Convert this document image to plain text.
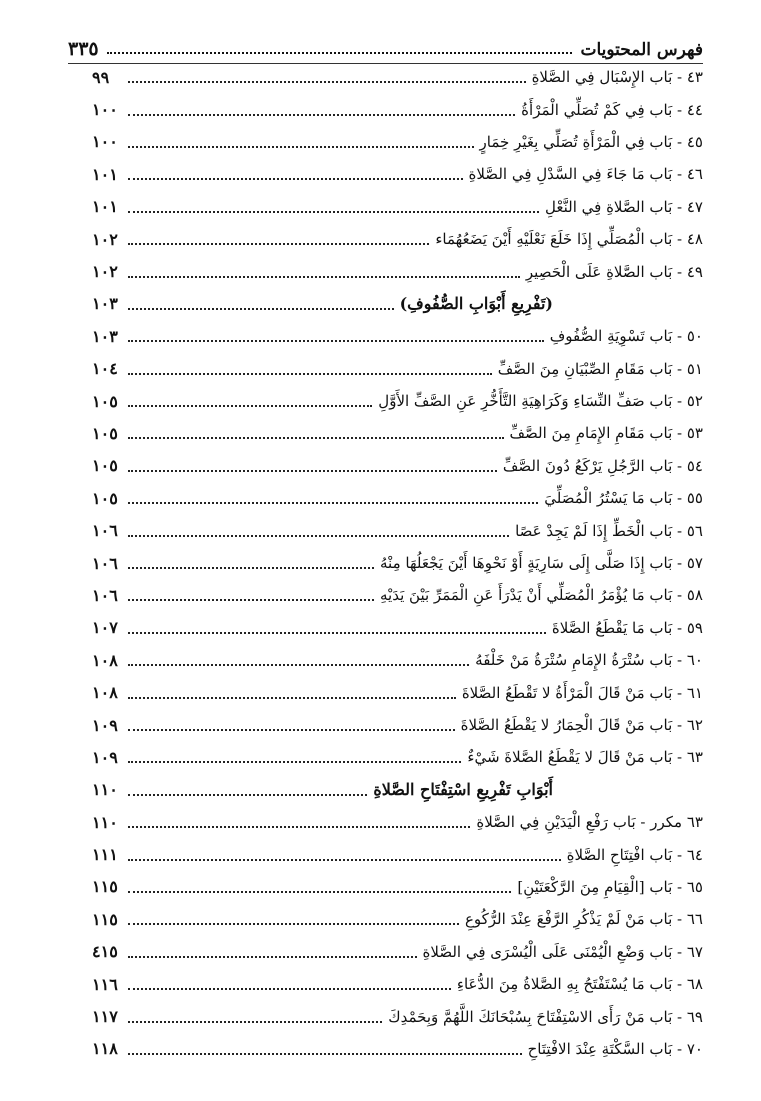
فهرس المحتويات
٣٣٥
٤٣ - بَاب الإِسْبَال فِي الصَّلاةِ
٩٩
٤٤ - بَاب فِي كَمْ تُصَلِّي الْمَرْأَةُ
١٠٠
٤٥ - بَاب فِي الْمَرْأَةِ تُصَلِّي بِغَيْرِ خِمَارٍ
١٠٠
٤٦ - بَاب مَا جَاءَ فِي السَّدْلِ فِي الصَّلاةِ
١٠١
٤٧ - بَاب الصَّلاةِ فِي النَّعْلِ
١٠١
٤٨ - بَاب الْمُصَلِّي إِذَا خَلَعَ نَعْلَيْهِ أَيْنَ يَضَعُهُمَاء
١٠٢
٤٩ - بَاب الصَّلاةِ عَلَى الْحَصِيرِ
١٠٢
(تَفْرِيعِ أَبْوَابِ الصُّفُوفِ)
١٠٣
٥٠ - بَاب تَسْوِيَةِ الصُّفُوفِ
١٠٣
٥١ - بَاب مَقَامِ الصِّبْيَانِ مِنَ الصَّفِّ
١٠٤
٥٢ - بَاب صَفِّ النِّسَاءِ وَكَرَاهِيَةِ التَّأَخُّرِ عَنِ الصَّفِّ الأَوَّلِ
١٠٥
٥٣ - بَاب مَقَامِ الإِمَامِ مِنَ الصَّفِّ
١٠٥
٥٤ - بَاب الرَّجُلِ يَرْكَعُ دُونَ الصَّفِّ
١٠٥
٥٥ - بَاب مَا يَسْتُرُ الْمُصَلِّيَ
١٠٥
٥٦ - بَاب الْخَطِّ إِذَا لَمْ يَجِدْ عَصًا
١٠٦
٥٧ - بَاب إِذَا صَلَّى إِلَى سَارِيَةٍ أَوْ نَحْوِهَا أَيْنَ يَجْعَلُهَا مِنْهُ
١٠٦
٥٨ - بَاب مَا يُؤْمَرُ الْمُصَلِّي أَنْ يَدْرَأَ عَنِ الْمَمَرِّ بَيْنَ يَدَيْهِ
١٠٦
٥٩ - بَاب مَا يَقْطَعُ الصَّلاةَ
١٠٧
٦٠ - بَاب سُتْرَةُ الإِمَامِ سُتْرَةُ مَنْ خَلْفَهُ
١٠٨
٦١ - بَاب مَنْ قَالَ الْمَرْأَةُ لا تَقْطَعُ الصَّلاةَ
١٠٨
٦٢ - بَاب مَنْ قَالَ الْحِمَارُ لا يَقْطَعُ الصَّلاةَ
١٠٩
٦٣ - بَاب مَنْ قَالَ لا يَقْطَعُ الصَّلاةَ شَيْءٌ
١٠٩
أَبْوَابِ تَفْرِيعِ اسْتِفْتَاحِ الصَّلاةِ
١١٠
٦٣ مكرر - بَاب رَفْعِ الْيَدَيْنِ فِي الصَّلاةِ
١١٠
٦٤ - بَاب افْتِتَاحِ الصَّلاةِ
١١١
٦٥ - بَاب [الْقِيَامِ مِنَ الرَّكْعَتَيْنِ]
١١٥
٦٦ - بَاب مَنْ لَمْ يَذْكُرِ الرَّفْعَ عِنْدَ الرُّكُوعِ
١١٥
٦٧ - بَاب وَضْعِ الْيُمْنَى عَلَى الْيُسْرَى فِي الصَّلاةِ
٤١٥
٦٨ - بَاب مَا يُسْتَفْتَحُ بِهِ الصَّلاةُ مِنَ الدُّعَاءِ
١١٦
٦٩ - بَاب مَنْ رَأَى الاسْتِفْتَاحَ بِسُبْحَانَكَ اللَّهُمَّ وَبِحَمْدِكَ
١١٧
٧٠ - بَاب السَّكْتَةِ عِنْدَ الافْتِتَاحِ
١١٨
